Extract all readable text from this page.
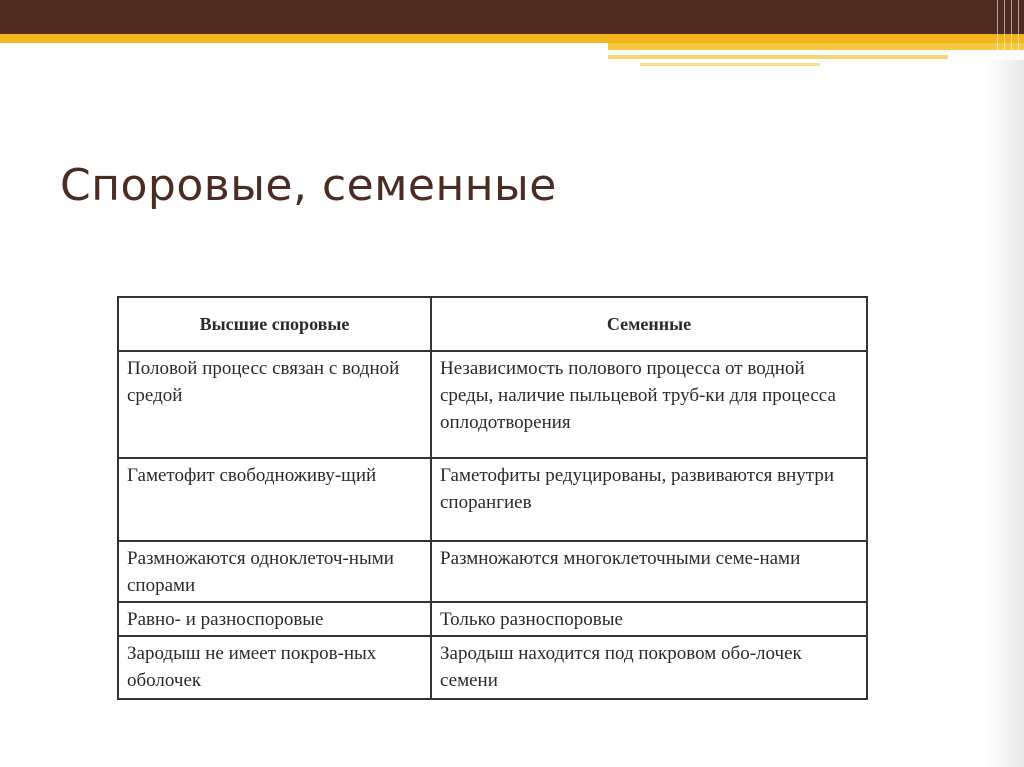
Споровые, семенные
Высшие споровые	Семенные
Половой процесс связан с водной средой	Независимость полового процесса от водной среды, наличие пыльцевой труб-ки для процесса оплодотворения
Гаметофит свободноживу-щий	Гаметофиты редуцированы, развиваются внутри спорангиев
Размножаются одноклеточ-ными спорами	Размножаются многоклеточными семе-нами
Равно- и разноспоровые	Только разноспоровые
Зародыш не имеет покров-ных оболочек	Зародыш находится под покровом обо-лочек семени
